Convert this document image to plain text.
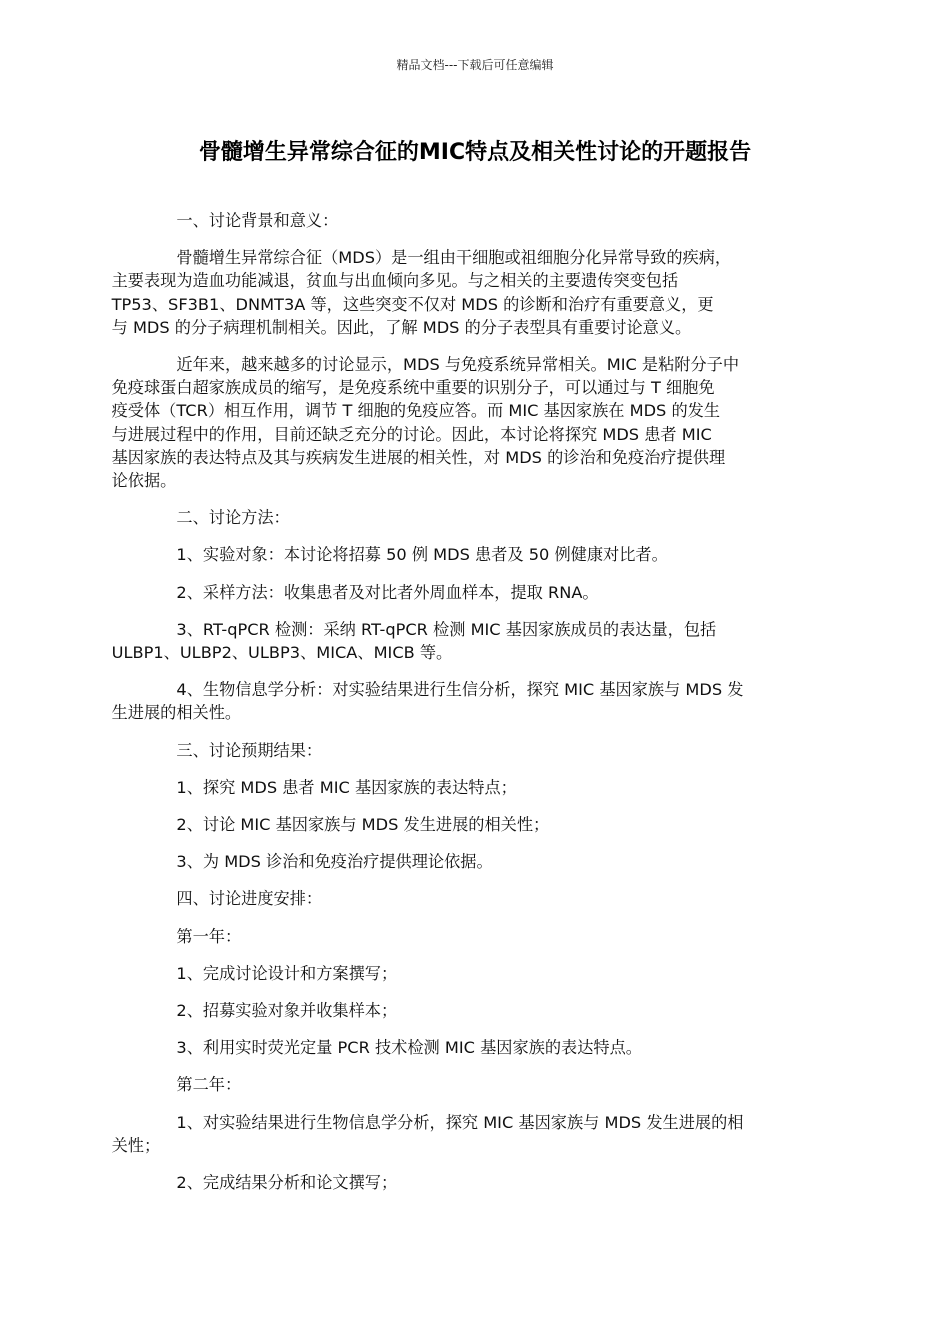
精品文档---下载后可任意编辑
骨髓增生异常综合征的MIC特点及相关性讨论的开题报告

一、讨论背景和意义：

骨髓增生异常综合征（MDS）是一组由干细胞或祖细胞分化异常导致的疾病，
主要表现为造血功能减退，贫血与出血倾向多见。与之相关的主要遗传突变包括
TP53、SF3B1、DNMT3A 等，这些突变不仅对 MDS 的诊断和治疗有重要意义，更
与 MDS 的分子病理机制相关。因此，了解 MDS 的分子表型具有重要讨论意义。

近年来，越来越多的讨论显示，MDS 与免疫系统异常相关。MIC 是粘附分子中
免疫球蛋白超家族成员的缩写，是免疫系统中重要的识别分子，可以通过与 T 细胞免
疫受体（TCR）相互作用，调节 T 细胞的免疫应答。而 MIC 基因家族在 MDS 的发生
与进展过程中的作用，目前还缺乏充分的讨论。因此，本讨论将探究 MDS 患者 MIC
基因家族的表达特点及其与疾病发生进展的相关性，对 MDS 的诊治和免疫治疗提供理
论依据。

二、讨论方法：

1、实验对象：本讨论将招募 50 例 MDS 患者及 50 例健康对比者。

2、采样方法：收集患者及对比者外周血样本，提取 RNA。

3、RT-qPCR 检测：采纳 RT-qPCR 检测 MIC 基因家族成员的表达量，包括
ULBP1、ULBP2、ULBP3、MICA、MICB 等。

4、生物信息学分析：对实验结果进行生信分析，探究 MIC 基因家族与 MDS 发
生进展的相关性。

三、讨论预期结果：

1、探究 MDS 患者 MIC 基因家族的表达特点；

2、讨论 MIC 基因家族与 MDS 发生进展的相关性；

3、为 MDS 诊治和免疫治疗提供理论依据。

四、讨论进度安排：

第一年：

1、完成讨论设计和方案撰写；

2、招募实验对象并收集样本；

3、利用实时荧光定量 PCR 技术检测 MIC 基因家族的表达特点。

第二年：

1、对实验结果进行生物信息学分析，探究 MIC 基因家族与 MDS 发生进展的相
关性；

2、完成结果分析和论文撰写；
